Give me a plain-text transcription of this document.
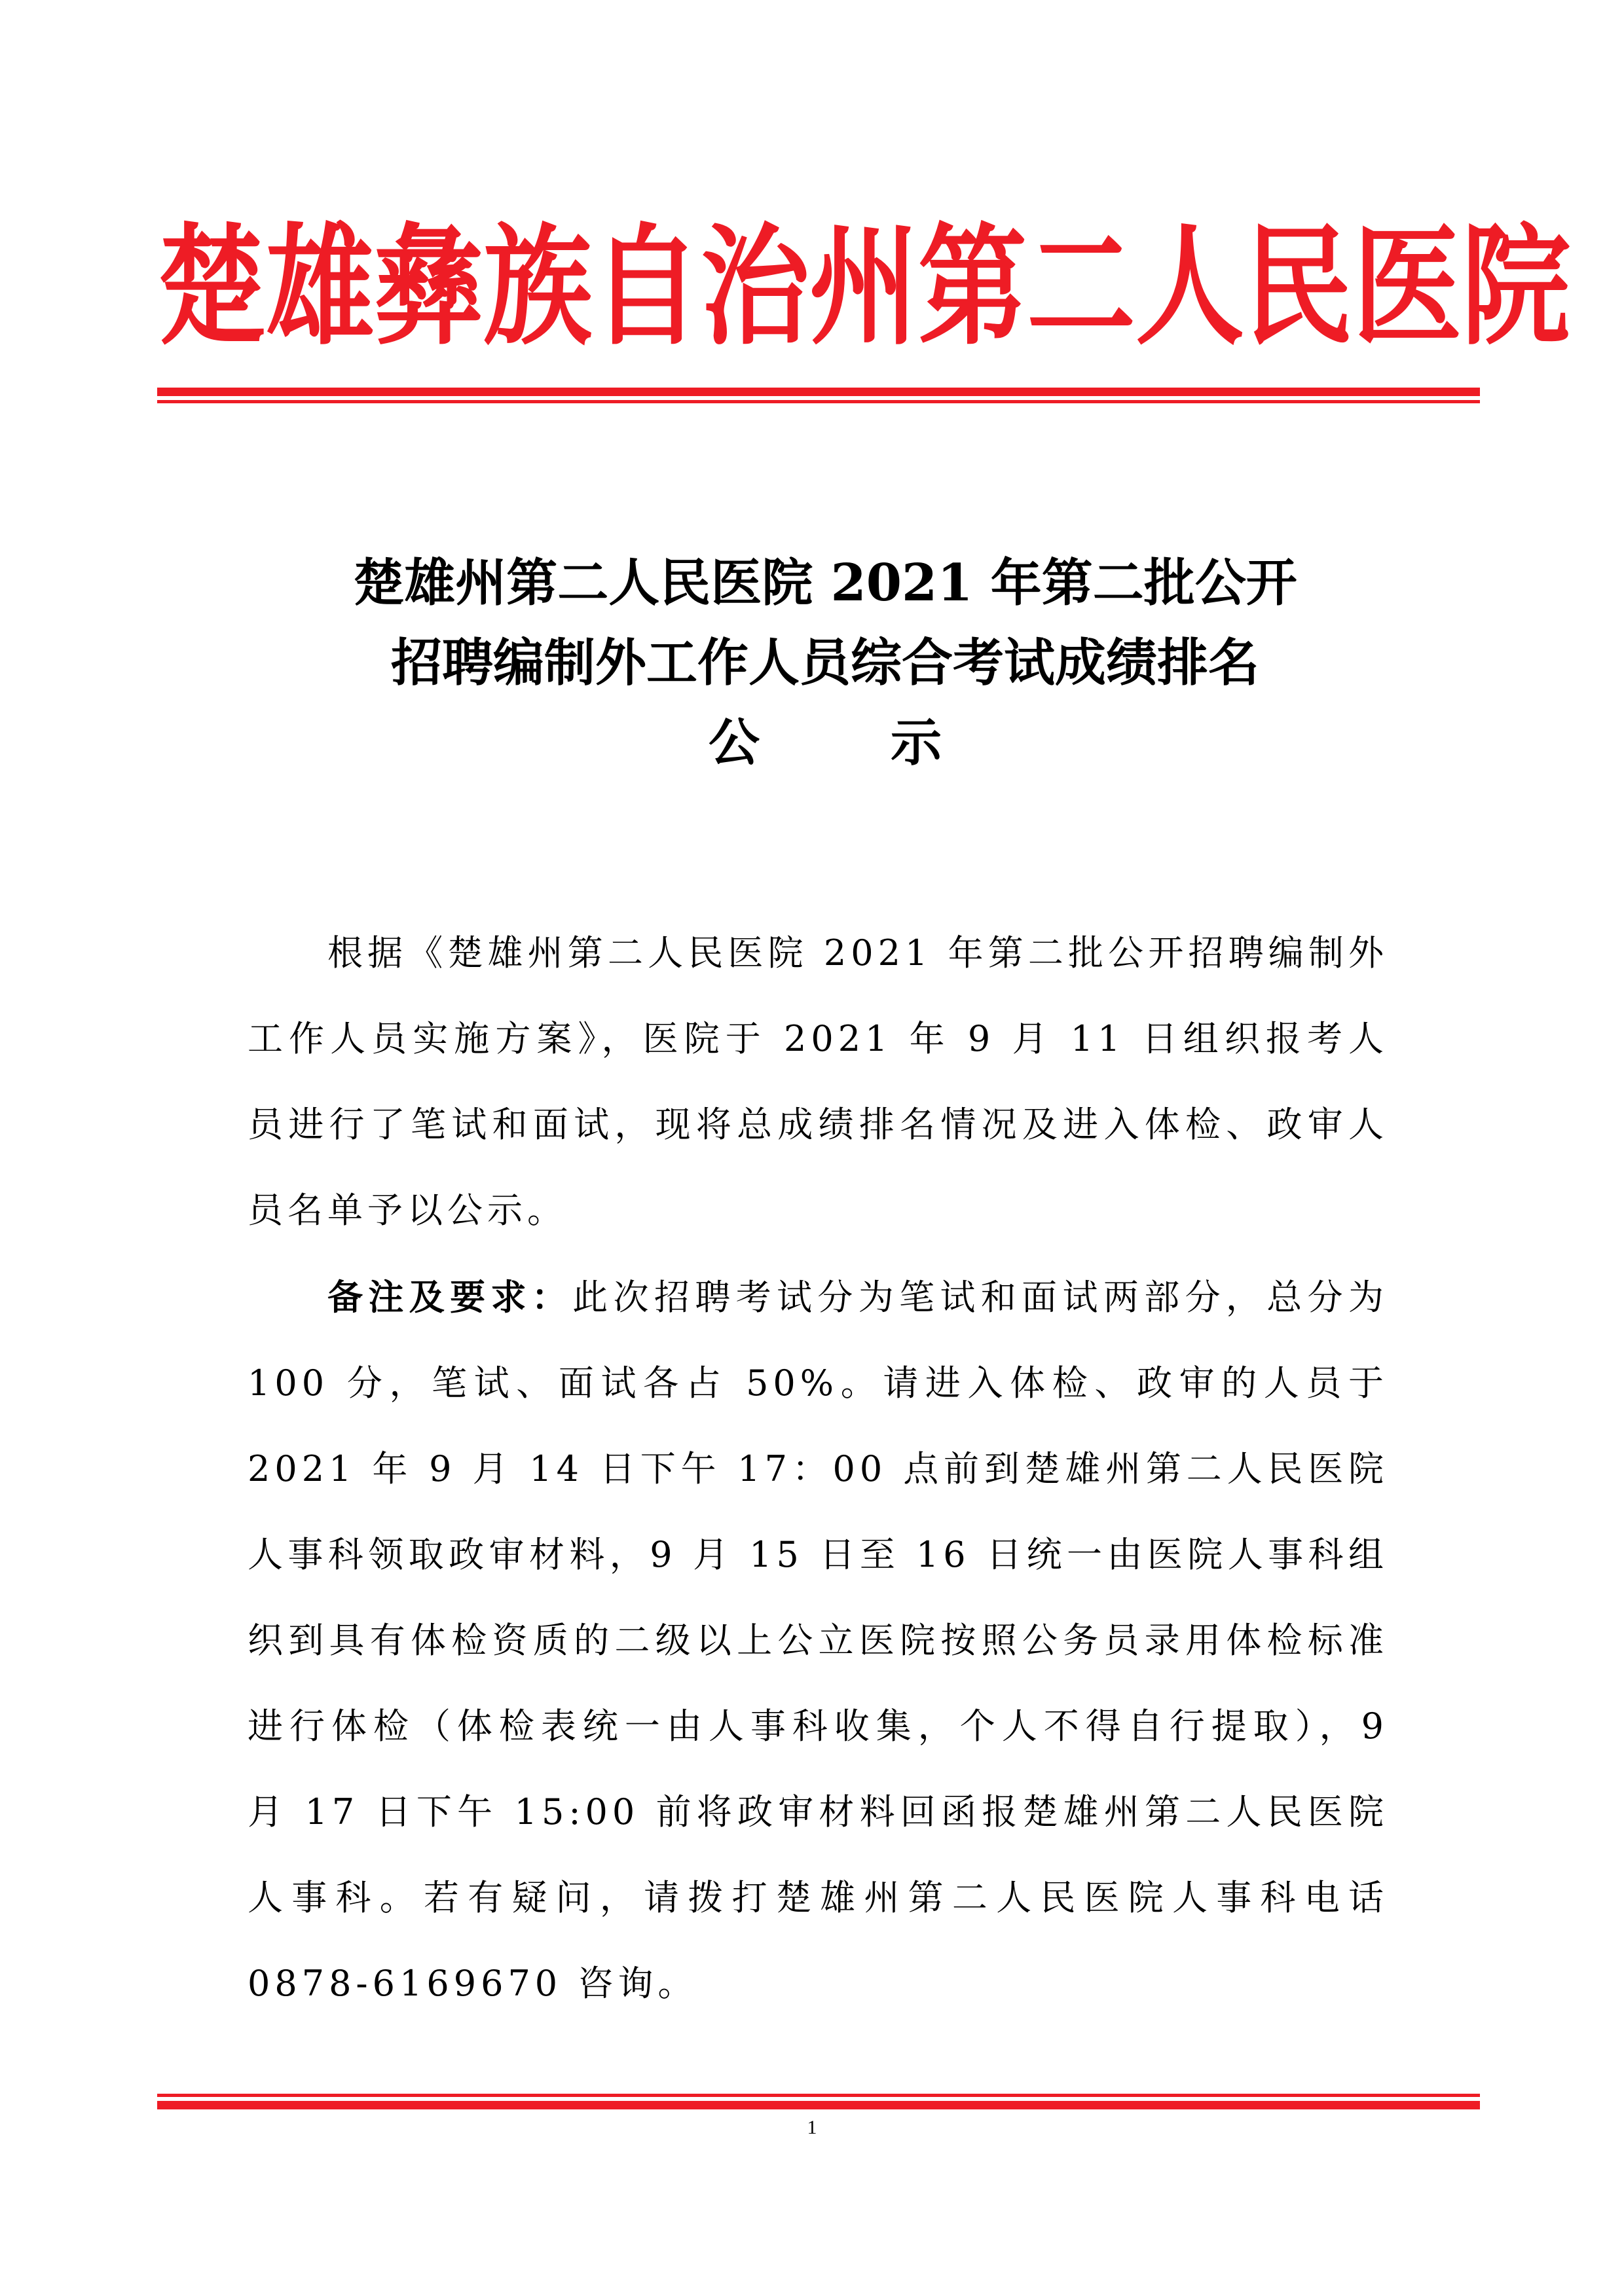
楚雄彝族自治州第二人民医院
楚雄州第二人民医院 2021 年第二批公开
招聘编制外工作人员综合考试成绩排名
公示

根据《楚雄州第二人民医院 2021 年第二批公开招聘编制外工作人员实施方案》，医院于 2021 年 9 月 11 日组织报考人员进行了笔试和面试，现将总成绩排名情况及进入体检、政审人员名单予以公示。

备注及要求：此次招聘考试分为笔试和面试两部分，总分为 100 分，笔试、面试各占 50%。请进入体检、政审的人员于 2021 年 9 月 14 日下午 17：00 点前到楚雄州第二人民医院人事科领取政审材料，9 月 15 日至 16 日统一由医院人事科组织到具有体检资质的二级以上公立医院按照公务员录用体检标准进行体检（体检表统一由人事科收集，个人不得自行提取），9 月 17 日下午 15:00 前将政审材料回函报楚雄州第二人民医院人事科。若有疑问，请拨打楚雄州第二人民医院人事科电话 0878-6169670 咨询。

1
